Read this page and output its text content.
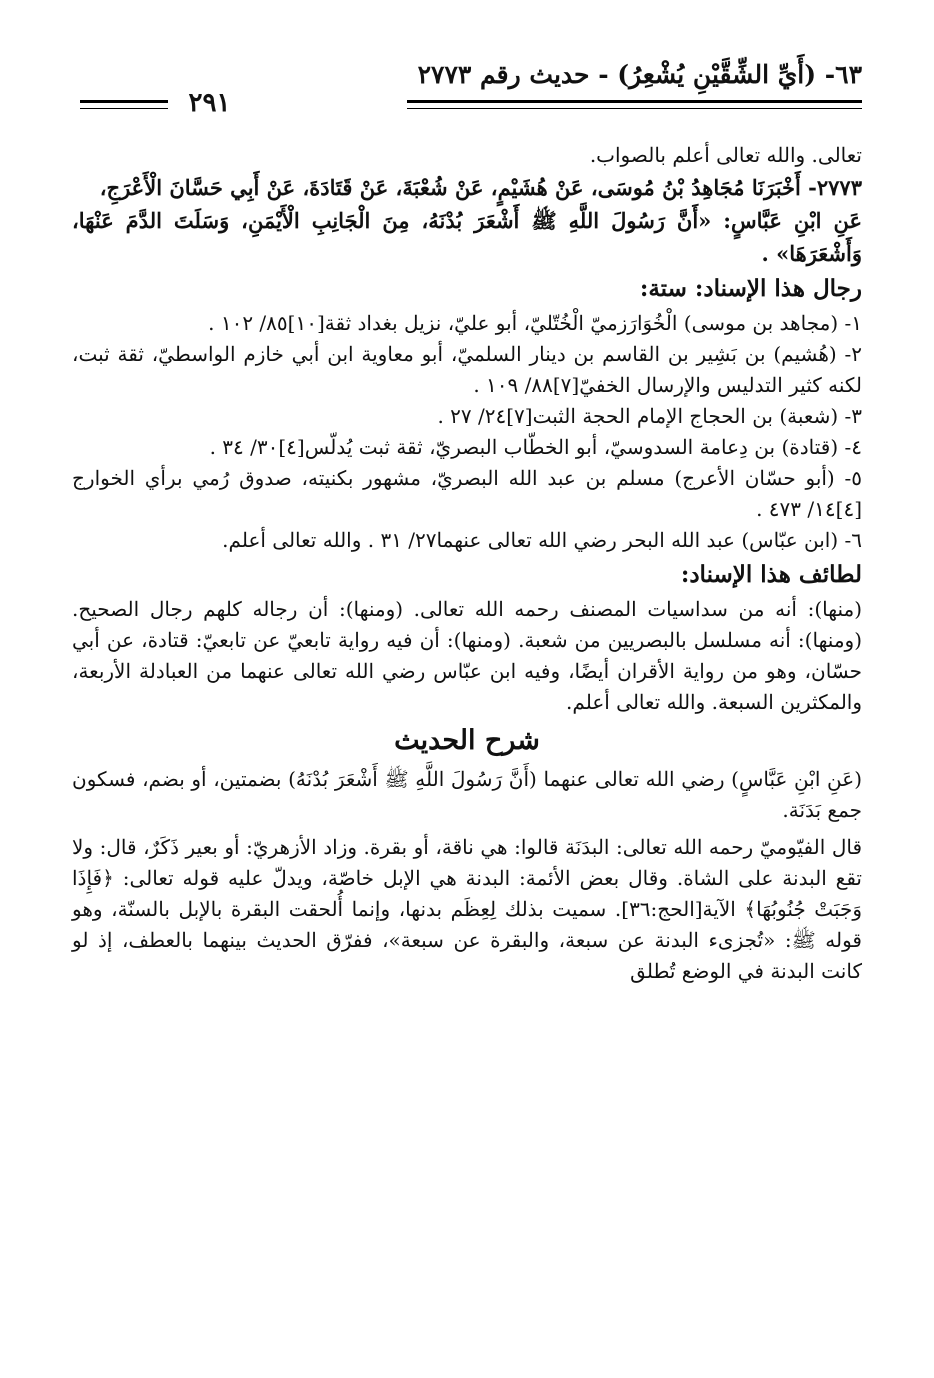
٦٣- (أَيِّ الشِّقَّيْنِ يُشْعِرُ) - حديث رقم ٢٧٧٣
٢٩١

تعالى. والله تعالى أعلم بالصواب.

٢٧٧٣- أَخْبَرَنَا مُجَاهِدُ بْنُ مُوسَى، عَنْ هُشَيْمٍ، عَنْ شُعْبَةَ، عَنْ قَتَادَةَ، عَنْ أَبِي حَسَّانَ الْأَعْرَجِ،

عَنِ ابْنِ عَبَّاسٍ: «أَنَّ رَسُولَ اللَّهِ ﷺ أَشْعَرَ بُدْنَهُ، مِنَ الْجَانِبِ الْأَيْمَنِ، وَسَلَتَ الدَّمَ عَنْهَا، وَأَشْعَرَهَا» .

رجال هذا الإسناد: ستة:

١- (مجاهد بن موسى) الْخُوَارَزميّ الْخُتّليّ، أبو عليّ، نزيل بغداد ثقة[١٠]٨٥/ ١٠٢ .

٢- (هُشيم) بن بَشِير بن القاسم بن دينار السلميّ، أبو معاوية ابن أبي خازم الواسطيّ، ثقة ثبت، لكنه كثير التدليس والإرسال الخفيّ[٧]٨٨/ ١٠٩ .

٣- (شعبة) بن الحجاج الإمام الحجة الثبت[٧]٢٤/ ٢٧ .

٤- (قتادة) بن دِعامة السدوسيّ، أبو الخطّاب البصريّ، ثقة ثبت يُدلّس[٤]٣٠/ ٣٤ .

٥- (أبو حسّان الأعرج) مسلم بن عبد الله البصريّ، مشهور بكنيته، صدوق رُمي برأي الخوارج [٤]١٤/ ٤٧٣ .

٦- (ابن عبّاس) عبد الله البحر رضي الله تعالى عنهما٢٧/ ٣١ . والله تعالى أعلم.

لطائف هذا الإسناد:

(منها): أنه من سداسيات المصنف رحمه الله تعالى. (ومنها): أن رجاله كلهم رجال الصحيح. (ومنها): أنه مسلسل بالبصريين من شعبة. (ومنها): أن فيه رواية تابعيّ عن تابعيّ: قتادة، عن أبي حسّان، وهو من رواية الأقران أيضًا، وفيه ابن عبّاس رضي الله تعالى عنهما من العبادلة الأربعة، والمكثرين السبعة. والله تعالى أعلم.

شرح الحديث

(عَنِ ابْنِ عَبَّاسٍ) رضي الله تعالى عنهما (أَنَّ رَسُولَ اللَّهِ ﷺ أَشْعَرَ بُدْنَهُ) بضمتين، أو بضم، فسكون جمع بَدَنَة.

قال الفيّوميّ رحمه الله تعالى: البدَنَة قالوا: هي ناقة، أو بقرة. وزاد الأزهريّ: أو بعير ذَكَرٌ، قال: ولا تقع البدنة على الشاة. وقال بعض الأئمة: البدنة هي الإبل خاصّة، ويدلّ عليه قوله تعالى: ﴿فَإِذَا وَجَبَتْ جُنُوبُهَا﴾ الآية[الحج:٣٦]. سميت بذلك لِعِظَم بدنها، وإنما أُلحقت البقرة بالإبل بالسنّة، وهو قوله ﷺ: «تُجزىء البدنة عن سبعة، والبقرة عن سبعة»، ففرّق الحديث بينهما بالعطف، إذ لو كانت البدنة في الوضع تُطلق
